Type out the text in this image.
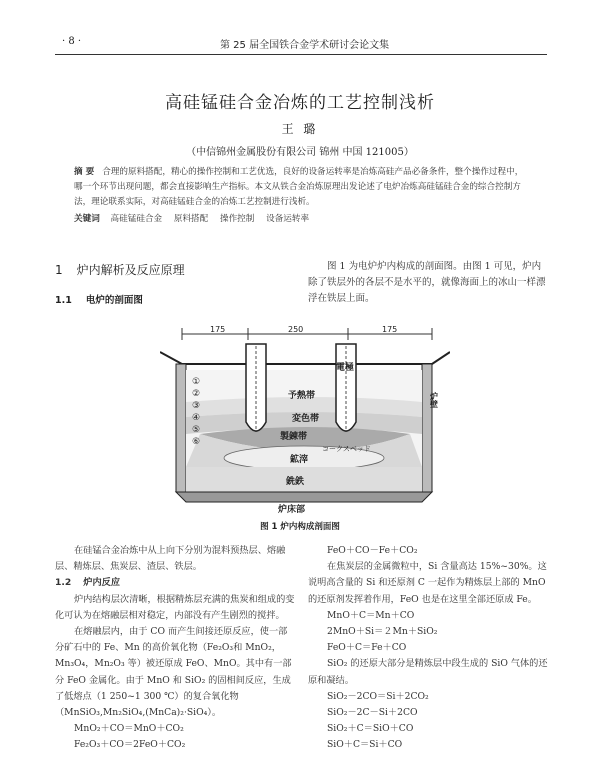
· 8 ·	第 25 届全国铁合金学术研讨会论文集
高硅锰硅合金冶炼的工艺控制浅析
王 璐
（中信锦州金属股份有限公司 锦州 中国 121005）
摘 要 合理的原料搭配，精心的操作控制和工艺优选，良好的设备运转率是冶炼高硅产品必备条件，整个操作过程中，哪一个环节出现问题，都会直接影响生产指标。本文从铁合金冶炼原理出发论述了电炉冶炼高硅锰硅合金的综合控制方法，理论联系实际，对高硅锰硅合金的冶炼工艺控制进行浅析。
关键词 高硅锰硅合金 原料搭配 操作控制 设备运转率
1 炉内解析及反应原理
1.1 电炉的剖面图
图 1 为电炉炉内构成的剖面图。由图 1 可见，炉内除了铁层外的各层不是水平的，就像海面上的冰山一样漂浮在铁层上面。
175	250	175
電極
予熱帯
変色帯
製錬帯
コークスベッド
鉱滓
銑鉄
①
②
③
④
⑤
⑥
炉壁
炉床部
图 1 炉内构成剖面图

在硅锰合金冶炼中从上向下分别为混料预热层、熔融层、精炼层、焦炭层、渣层、铁层。

1.2 炉内反应

炉内结构层次清晰，根据精炼层充满的焦炭和组成的变化可认为在熔融层相对稳定，内部没有产生剧烈的搅拌。

在熔融层内，由于 CO 而产生间接还原反应，使一部分矿石中的 Fe、Mn 的高价氧化物（Fe₂O₃和 MnO₂，Mn₃O₄，Mn₂O₃ 等）被还原成 FeO、MnO。其中有一部分 FeO 金属化。由于 MnO 和 SiO₂ 的固相间反应，生成了低熔点（1 250~1 300 ℃）的复合氧化物（MnSiO₃,Mn₂SiO₄,(MnCa)₂·SiO₄）。

MnO₂＋CO＝MnO＋CO₂

Fe₂O₃＋CO＝2FeO＋CO₂

FeO＋CO－Fe＋CO₂

在焦炭层的金属微粒中，Si 含量高达 15%~30%。这说明高含量的 Si 和还原剂 C 一起作为精炼层上部的 MnO 的还原剂发挥着作用，FeO 也是在这里全部还原成 Fe。

MnO＋C＝Mn＋CO

2MnO＋Si＝２Mn＋SiO₂

FeO＋C＝Fe＋CO

SiO₂ 的还原大部分是精炼层中段生成的 SiO 气体的还原和凝结。

SiO₂－2CO＝Si＋2CO₂

SiO₂－2C－Si＋2CO

SiO₂＋C＝SiO＋CO

SiO＋C＝Si＋CO
